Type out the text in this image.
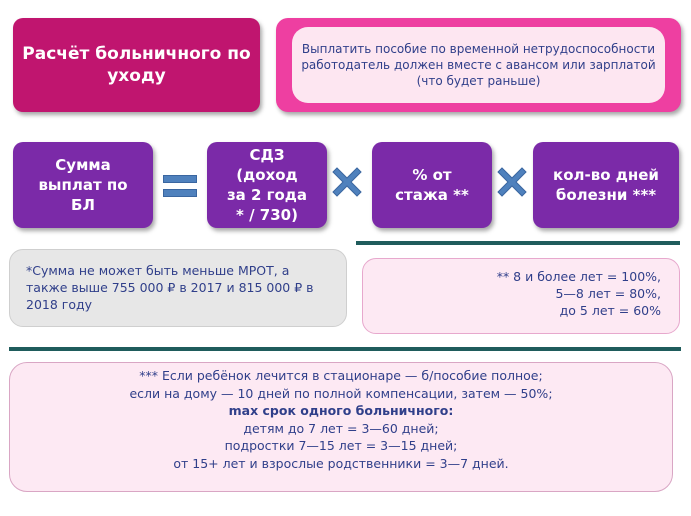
Расчёт больничного по уходу
Выплатить пособие по временной нетрудоспособности работодатель должен вместе с авансом или зарплатой (что будет раньше)
Сумма
выплат по
БЛ
СДЗ
(доход
за 2 года
* / 730)
% от
стажа **
кол-во дней
болезни ***
*Сумма не может быть меньше МРОТ, а также выше 755 000 ₽ в 2017 и 815 000 ₽ в 2018 году
** 8 и более лет = 100%,
5—8 лет = 80%,
до 5 лет = 60%
*** Если ребёнок лечится в стационаре — б/пособие полное;
если на дому — 10 дней по полной компенсации, затем — 50%;
max срок одного больничного:
детям до 7 лет = 3—60 дней;
подростки 7—15 лет = 3—15 дней;
от 15+ лет и взрослые родственники = 3—7 дней.
